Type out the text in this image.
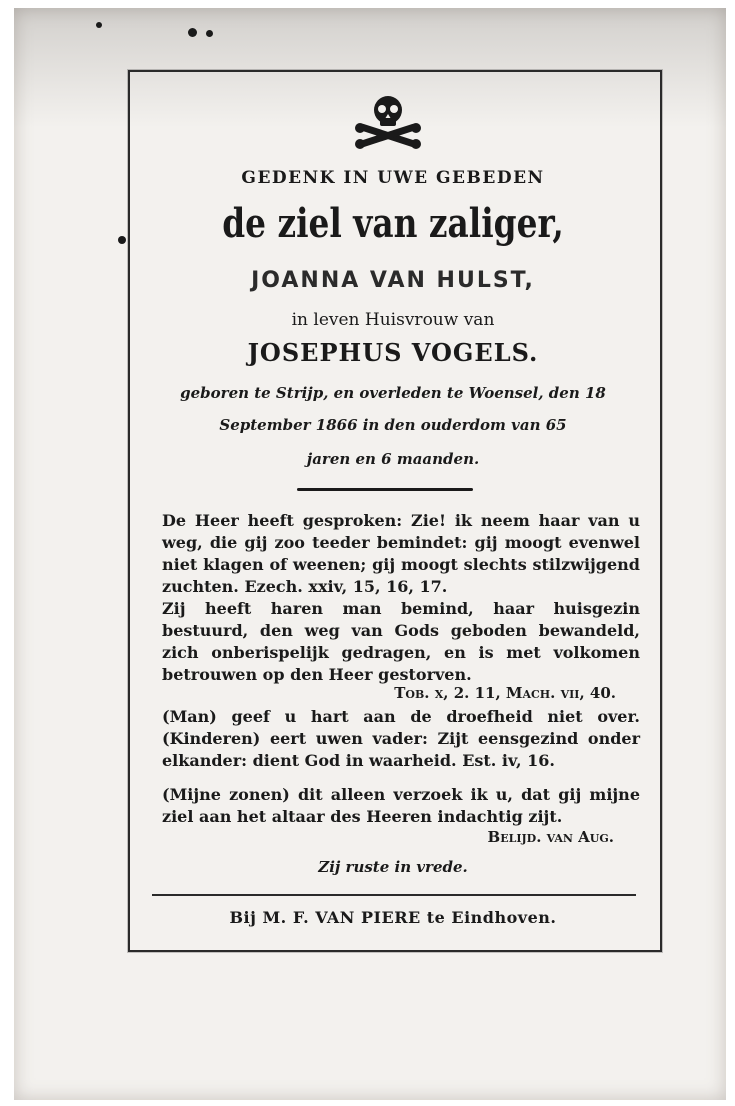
GEDENK IN UWE GEBEDEN
de ziel van zaliger,
JOANNA VAN HULST,
in leven Huisvrouw van
JOSEPHUS VOGELS.
geboren te Strijp, en overleden te Woensel, den 18
September 1866 in den ouderdom van 65
jaren en 6 maanden.
De Heer heeft gesproken: Zie! ik neem haar van u weg, die gij zoo teeder bemindet: gij moogt evenwel niet klagen of weenen; gij moogt slechts stilzwijgend zuchten. Ezech. xxiv, 15, 16, 17.
Zij heeft haren man bemind, haar huisgezin bestuurd, den weg van Gods geboden bewandeld, zich onberispelijk gedragen, en is met volkomen betrouwen op den Heer gestorven.
Tob. x, 2. 11, Mach. vii, 40.
(Man) geef u hart aan de droefheid niet over. (Kinderen) eert uwen vader: Zijt eensgezind onder elkander: dient God in waarheid. Est. iv, 16.
(Mijne zonen) dit alleen verzoek ik u, dat gij mijne ziel aan het altaar des Heeren indachtig zijt.
Belijd. van Aug.
Zij ruste in vrede.
Bij M. F. VAN PIERE te Eindhoven.
